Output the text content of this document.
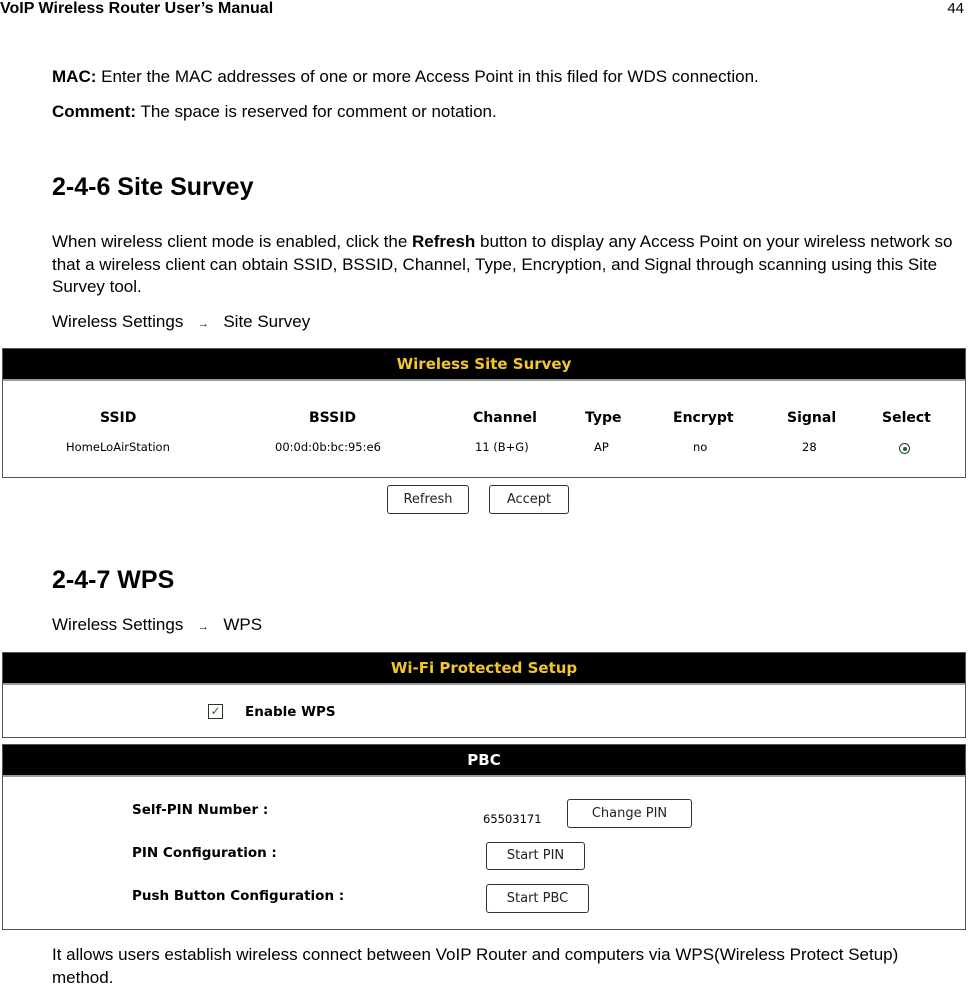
VoIP Wireless Router User’s Manual	44
MAC: Enter the MAC addresses of one or more Access Point in this filed for WDS connection.
Comment: The space is reserved for comment or notation.
2-4-6 Site Survey
When wireless client mode is enabled, click the Refresh button to display any Access Point on your wireless network so that a wireless client can obtain SSID, BSSID, Channel, Type, Encryption, and Signal through scanning using this Site Survey tool.
Wireless Settings → Site Survey
Wireless Site Survey
SSID	BSSID	Channel	Type	Encrypt	Signal	Select
HomeLoAirStation	00:0d:0b:bc:95:e6	11 (B+G)	AP	no	28
Refresh	Accept
2-4-7 WPS
Wireless Settings → WPS
Wi-Fi Protected Setup
✓ Enable WPS
PBC
Self-PIN Number :
65503171	Change PIN
PIN Configuration :	Start PIN
Push Button Configuration :	Start PBC
It allows users establish wireless connect between VoIP Router and computers via WPS(Wireless Protect Setup) method.
